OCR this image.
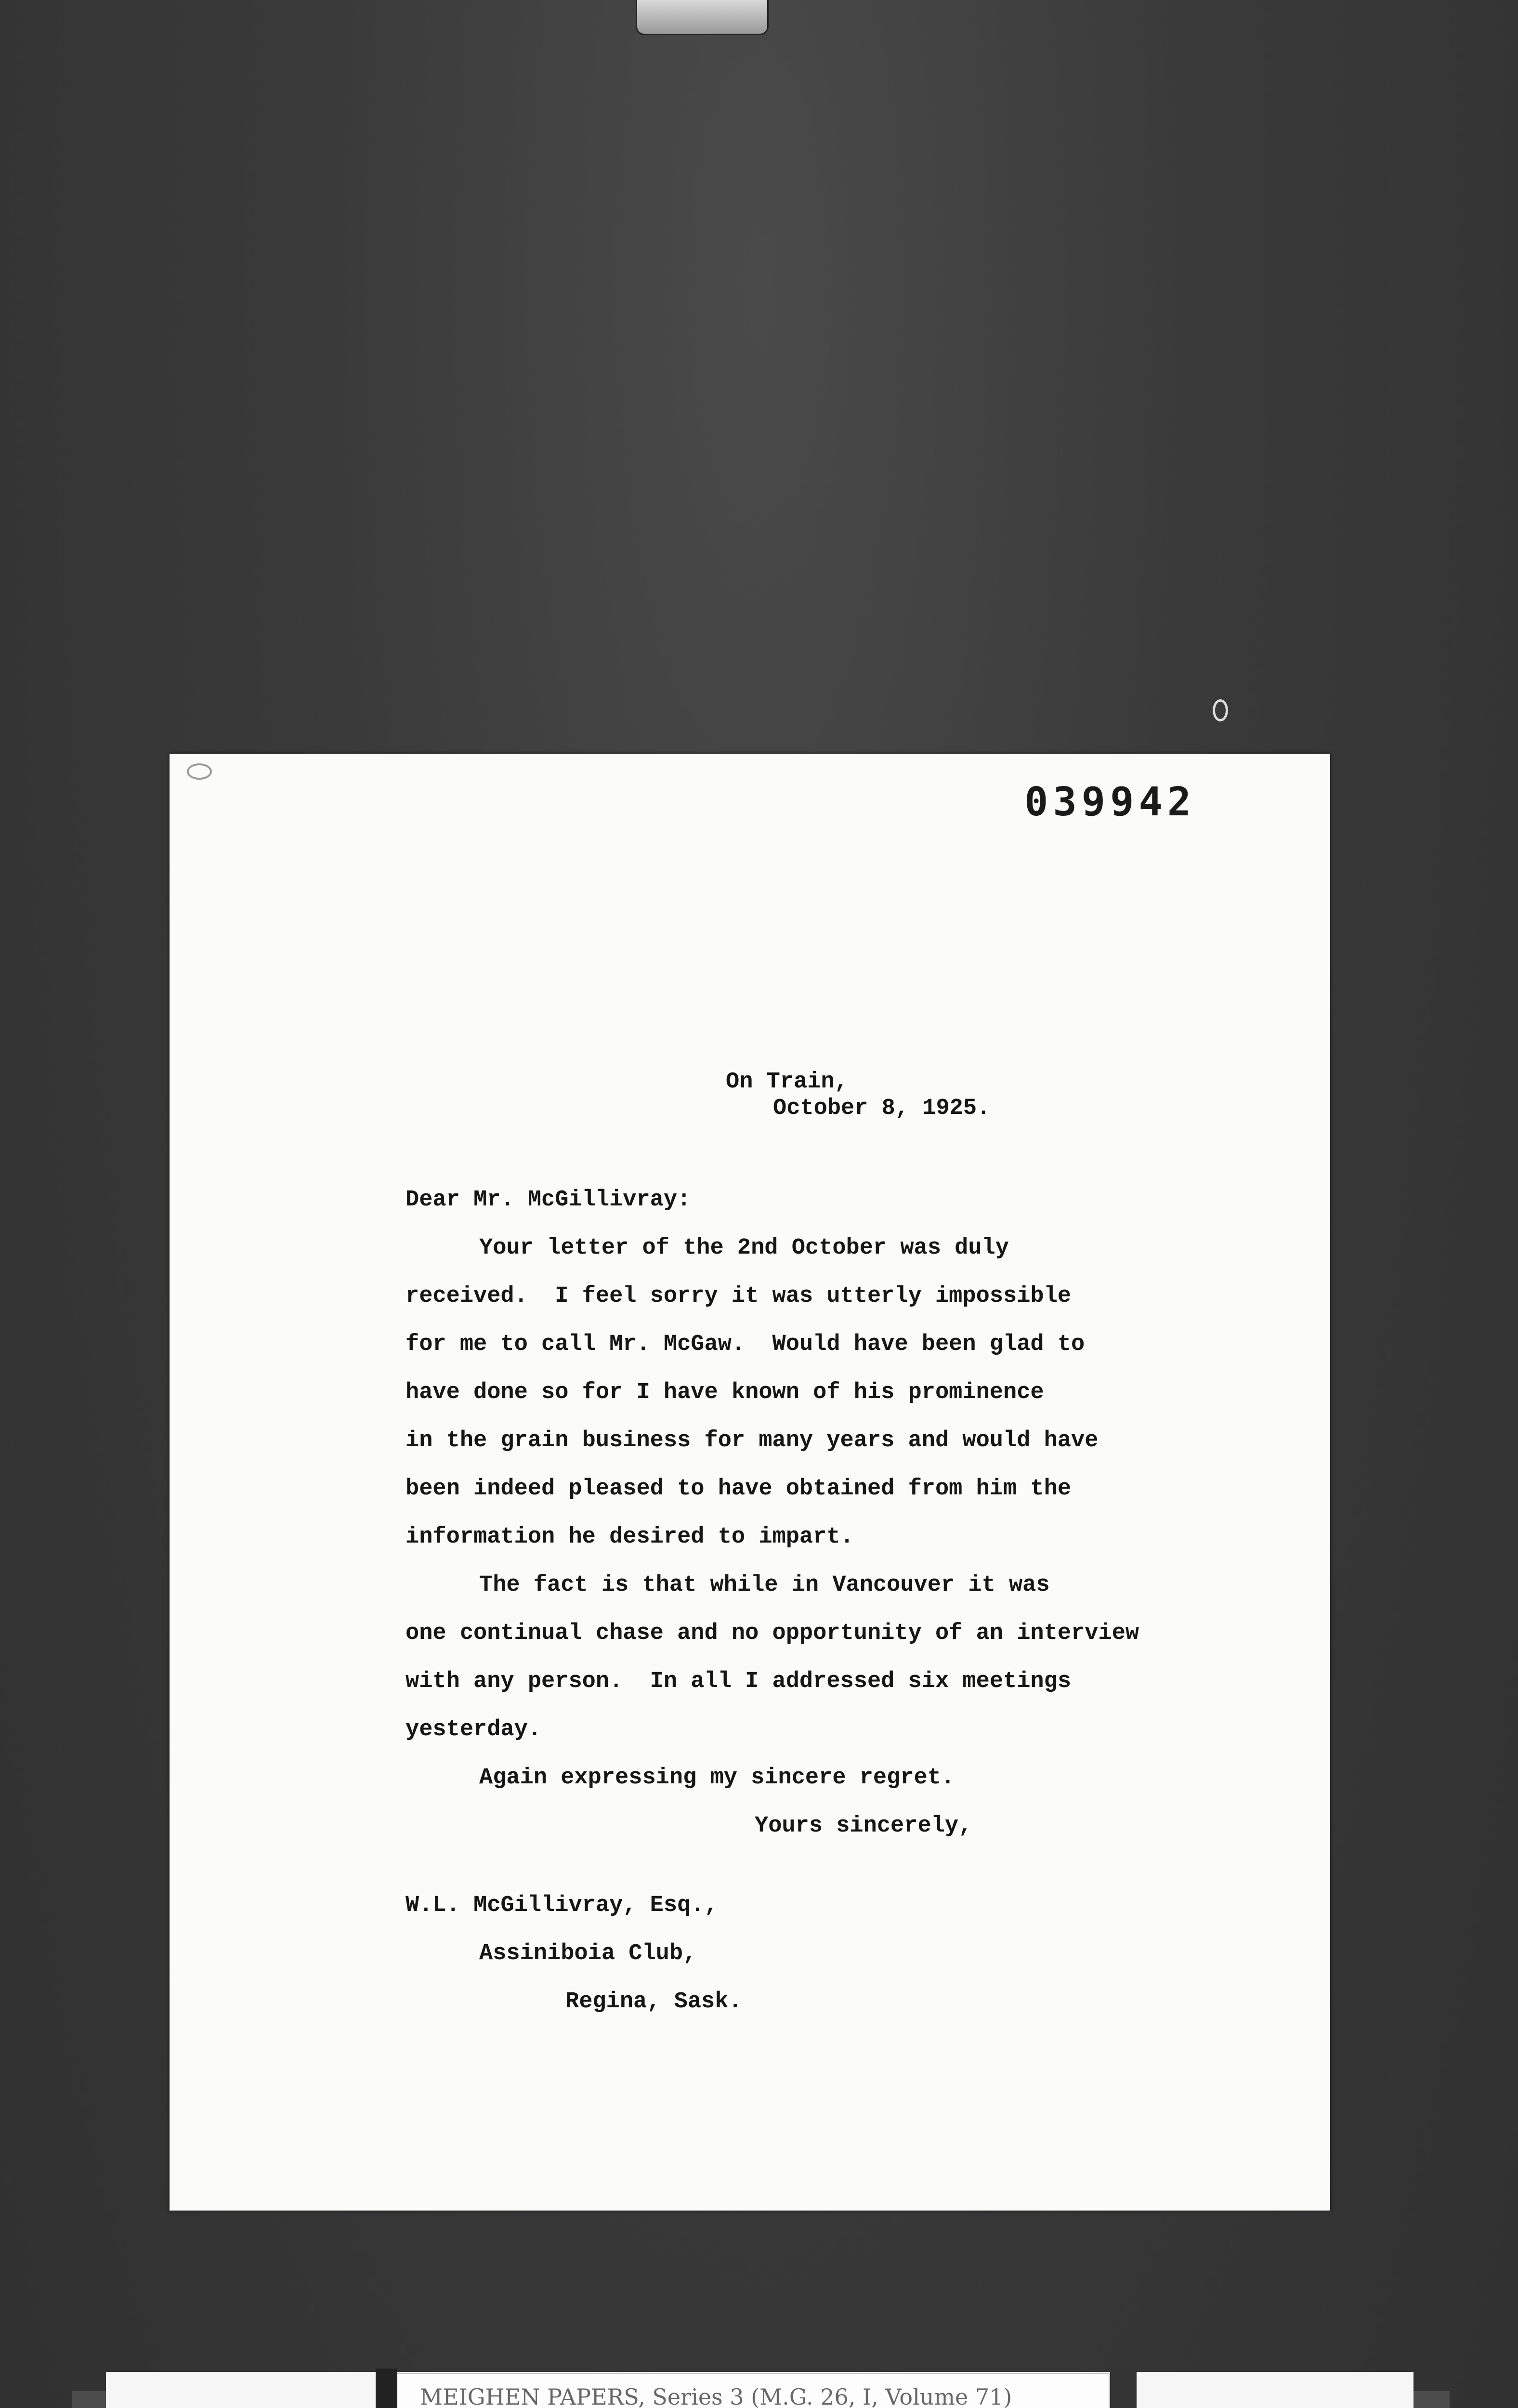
039942
On Train,
October 8, 1925.
Dear Mr. McGillivray:
Your letter of the 2nd October was duly
received.  I feel sorry it was utterly impossible
for me to call Mr. McGaw.  Would have been glad to
have done so for I have known of his prominence
in the grain business for many years and would have
been indeed pleased to have obtained from him the
information he desired to impart.
The fact is that while in Vancouver it was
one continual chase and no opportunity of an interview
with any person.  In all I addressed six meetings
yesterday.
Again expressing my sincere regret.
Yours sincerely,
W.L. McGillivray, Esq.,
Assiniboia Club,
Regina, Sask.
MEIGHEN PAPERS, Series 3 (M.G. 26, I, Volume 71)
